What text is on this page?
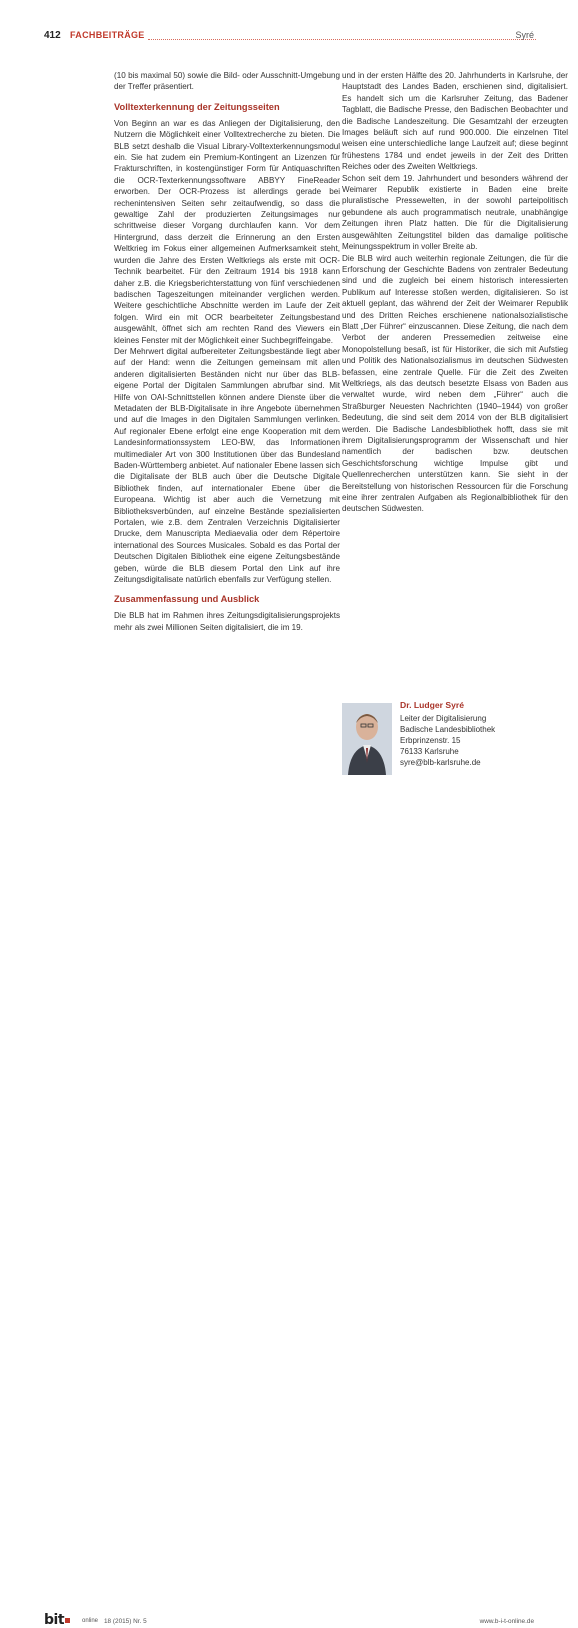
412 FACHBEITRÄGE	Syré

(10 bis maximal 50) sowie die Bild- oder Ausschnitt-Umgebung der Treffer präsentiert.

Volltexterkennung der Zeitungsseiten

Von Beginn an war es das Anliegen der Digitalisierung, den Nutzern die Möglichkeit einer Volltextrecherche zu bieten. Die BLB setzt deshalb die Visual Library-Volltexterkennungsmodul ein. Sie hat zudem ein Premium-Kontingent an Lizenzen für Frakturschriften, in kostengünstiger Form für Antiquaschriften die OCR-Texterkennungssoftware ABBYY FineReader erworben. Der OCR-Prozess ist allerdings gerade bei rechenintensiven Seiten sehr zeitaufwendig, so dass die gewaltige Zahl der produzierten Zeitungsimages nur schrittweise dieser Vorgang durchlaufen kann. Vor dem Hintergrund, dass derzeit die Erinnerung an den Ersten Weltkrieg im Fokus einer allgemeinen Aufmerksamkeit steht, wurden die Jahre des Ersten Weltkriegs als erste mit OCR-Technik bearbeitet. Für den Zeitraum 1914 bis 1918 kann daher z.B. die Kriegsberichterstattung von fünf verschiedenen badischen Tageszeitungen miteinander verglichen werden. Weitere geschichtliche Abschnitte werden im Laufe der Zeit folgen. Wird ein mit OCR bearbeiteter Zeitungsbestand ausgewählt, öffnet sich am rechten Rand des Viewers ein kleines Fenster mit der Möglichkeit einer Suchbegriffeingabe.

Der Mehrwert digital aufbereiteter Zeitungsbestände liegt aber auf der Hand: wenn die Zeitungen gemeinsam mit allen anderen digitalisierten Beständen nicht nur über das BLB-eigene Portal der Digitalen Sammlungen abrufbar sind. Mit Hilfe von OAI-Schnittstellen können andere Dienste über die Metadaten der BLB-Digitalisate in ihre Angebote übernehmen und auf die Images in den Digitalen Sammlungen verlinken. Auf regionaler Ebene erfolgt eine enge Kooperation mit dem Landesinformationssystem LEO-BW, das Informationen multimedialer Art von 300 Institutionen über das Bundesland Baden-Württemberg anbietet. Auf nationaler Ebene lassen sich die Digitalisate der BLB auch über die Deutsche Digitale Bibliothek finden, auf internationaler Ebene über die Europeana. Wichtig ist aber auch die Vernetzung mit Bibliotheksverbünden, auf einzelne Bestände spezialisierten Portalen, wie z.B. dem Zentralen Verzeichnis Digitalisierter Drucke, dem Manuscripta Mediaevalia oder dem Répertoire international des Sources Musicales. Sobald es das Portal der Deutschen Digitalen Bibliothek eine eigene Zeitungsbestände geben, würde die BLB diesem Portal den Link auf ihre Zeitungsdigitalisate natürlich ebenfalls zur Verfügung stellen.

Zusammenfassung und Ausblick

Die BLB hat im Rahmen ihres Zeitungsdigitalisierungsprojekts mehr als zwei Millionen Seiten digitalisiert, die im 19.

und in der ersten Hälfte des 20. Jahrhunderts in Karlsruhe, der Hauptstadt des Landes Baden, erschienen sind, digitalisiert. Es handelt sich um die Karlsruher Zeitung, das Badener Tagblatt, die Badische Presse, den Badischen Beobachter und die Badische Landeszeitung. Die Gesamtzahl der erzeugten Images beläuft sich auf rund 900.000. Die einzelnen Titel weisen eine unterschiedliche lange Laufzeit auf; diese beginnt frühestens 1784 und endet jeweils in der Zeit des Dritten Reiches oder des Zweiten Weltkriegs.

Schon seit dem 19. Jahrhundert und besonders während der Weimarer Republik existierte in Baden eine breite pluralistische Pressewelten, in der sowohl parteipolitisch gebundene als auch programmatisch neutrale, unabhängige Zeitungen ihren Platz hatten. Die für die Digitalisierung ausgewählten Zeitungstitel bilden das damalige politische Meinungsspektrum in voller Breite ab.

Die BLB wird auch weiterhin regionale Zeitungen, die für die Erforschung der Geschichte Badens von zentraler Bedeutung sind und die zugleich bei einem historisch interessierten Publikum auf Interesse stoßen werden, digitalisieren. So ist aktuell geplant, das während der Zeit der Weimarer Republik und des Dritten Reiches erschienene nationalsozialistische Blatt „Der Führer“ einzuscannen. Diese Zeitung, die nach dem Verbot der anderen Pressemedien zeitweise eine Monopolstellung besaß, ist für Historiker, die sich mit Aufstieg und Politik des Nationalsozialismus im deutschen Südwesten befassen, eine zentrale Quelle. Für die Zeit des Zweiten Weltkriegs, als das deutsch besetzte Elsass von Baden aus verwaltet wurde, wird neben dem „Führer“ auch die Straßburger Neuesten Nachrichten (1940–1944) von großer Bedeutung, die sind seit dem 2014 von der BLB digitalisiert werden. Die Badische Landesbibliothek hofft, dass sie mit ihrem Digitalisierungsprogramm der Wissenschaft und hier namentlich der badischen bzw. deutschen Geschichtsforschung wichtige Impulse gibt und Quellenrecherchen unterstützen kann. Sie sieht in der Bereitstellung von historischen Ressourcen für die Forschung eine ihrer zentralen Aufgaben als Regionalbibliothek für den deutschen Südwesten.

Dr. Ludger Syré
Leiter der Digitalisierung
Badische Landesbibliothek
Erbprinzenstr. 15
76133 Karlsruhe
syre@blb-karlsruhe.de
bit	online 18 (2015) Nr. 5	www.b-i-t-online.de
